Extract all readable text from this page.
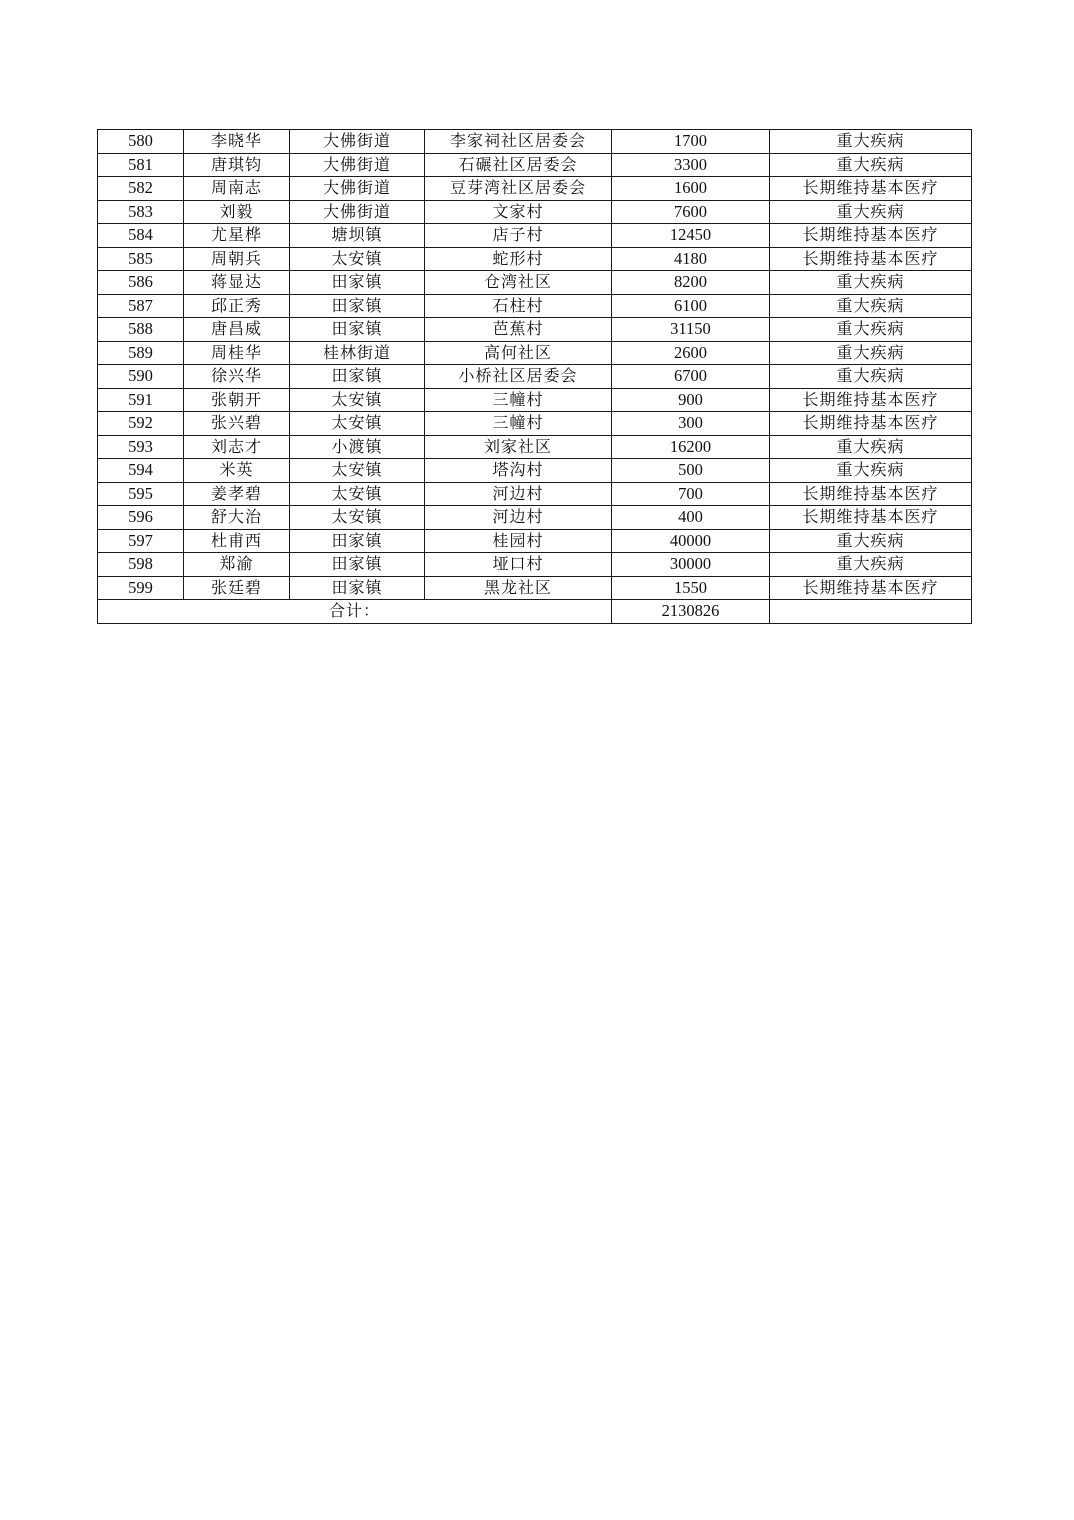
580	李晓华	大佛街道	李家祠社区居委会	1700	重大疾病
581	唐琪钧	大佛街道	石碾社区居委会	3300	重大疾病
582	周南志	大佛街道	豆芽湾社区居委会	1600	长期维持基本医疗
583	刘毅	大佛街道	文家村	7600	重大疾病
584	尤星桦	塘坝镇	店子村	12450	长期维持基本医疗
585	周朝兵	太安镇	蛇形村	4180	长期维持基本医疗
586	蒋显达	田家镇	仓湾社区	8200	重大疾病
587	邱正秀	田家镇	石柱村	6100	重大疾病
588	唐昌威	田家镇	芭蕉村	31150	重大疾病
589	周桂华	桂林街道	高何社区	2600	重大疾病
590	徐兴华	田家镇	小桥社区居委会	6700	重大疾病
591	张朝开	太安镇	三幢村	900	长期维持基本医疗
592	张兴碧	太安镇	三幢村	300	长期维持基本医疗
593	刘志才	小渡镇	刘家社区	16200	重大疾病
594	米英	太安镇	塔沟村	500	重大疾病
595	姜孝碧	太安镇	河边村	700	长期维持基本医疗
596	舒大治	太安镇	河边村	400	长期维持基本医疗
597	杜甫西	田家镇	桂园村	40000	重大疾病
598	郑渝	田家镇	垭口村	30000	重大疾病
599	张廷碧	田家镇	黑龙社区	1550	长期维持基本医疗
合计：				2130826	
